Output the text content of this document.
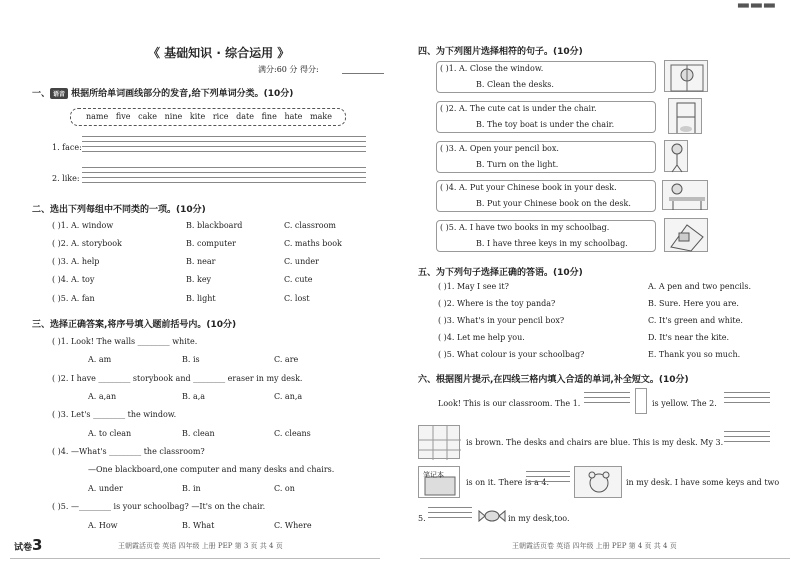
▀▀ ▀▀ ▀▀
《 基础知识 · 综合运用 》
满分:60 分 得分:
一、 语音 根据所给单词画线部分的发音,给下列单词分类。(10分)
name five cake nine kite rice date fine hate make
1. face:
2. like:
二、选出下列每组中不同类的一项。(10分)
( )1. A. window	B. blackboard	C. classroom
( )2. A. storybook	B. computer	C. maths book
( )3. A. help	B. near	C. under
( )4. A. toy	B. key	C. cute
( )5. A. fan	B. light	C. lost
三、选择正确答案,将序号填入题前括号内。(10分)
( )1. Look! The walls ________ white.
A. am	B. is	C. are
( )2. I have ________ storybook and ________ eraser in my desk.
A. a,an	B. a,a	C. an,a
( )3. Let's ________ the window.
A. to clean	B. clean	C. cleans
( )4. —What's ________ the classroom?
—One blackboard,one computer and many desks and chairs.
A. under	B. in	C. on
( )5. —________ is your schoolbag? —It's on the chair.
A. How	B. What	C. Where
试卷3	王朝霞活页卷 英语 四年级 上册 PEP 第 3 页 共 4 页
四、为下列图片选择相符的句子。(10分)
( )1. A. Close the window.
B. Clean the desks.
( )2. A. The cute cat is under the chair.
B. The toy boat is under the chair.
( )3. A. Open your pencil box.
B. Turn on the light.
( )4. A. Put your Chinese book in your desk.
B. Put your Chinese book on the desk.
( )5. A. I have two books in my schoolbag.
B. I have three keys in my schoolbag.
五、为下列句子选择正确的答语。(10分)
( )1. May I see it?	A. A pen and two pencils.
( )2. Where is the toy panda?	B. Sure. Here you are.
( )3. What's in your pencil box?	C. It's green and white.
( )4. Let me help you.	D. It's near the kite.
( )5. What colour is your schoolbag?	E. Thank you so much.
六、根据图片提示,在四线三格内填入合适的单词,补全短文。(10分)
Look! This is our classroom. The 1.	is yellow. The 2.
is brown. The desks and chairs are blue. This is my desk. My 3.
笔记本
is on it. There is a 4.	in my desk. I have some keys and two
5.	in my desk,too.
王朝霞活页卷 英语 四年级 上册 PEP 第 4 页 共 4 页
